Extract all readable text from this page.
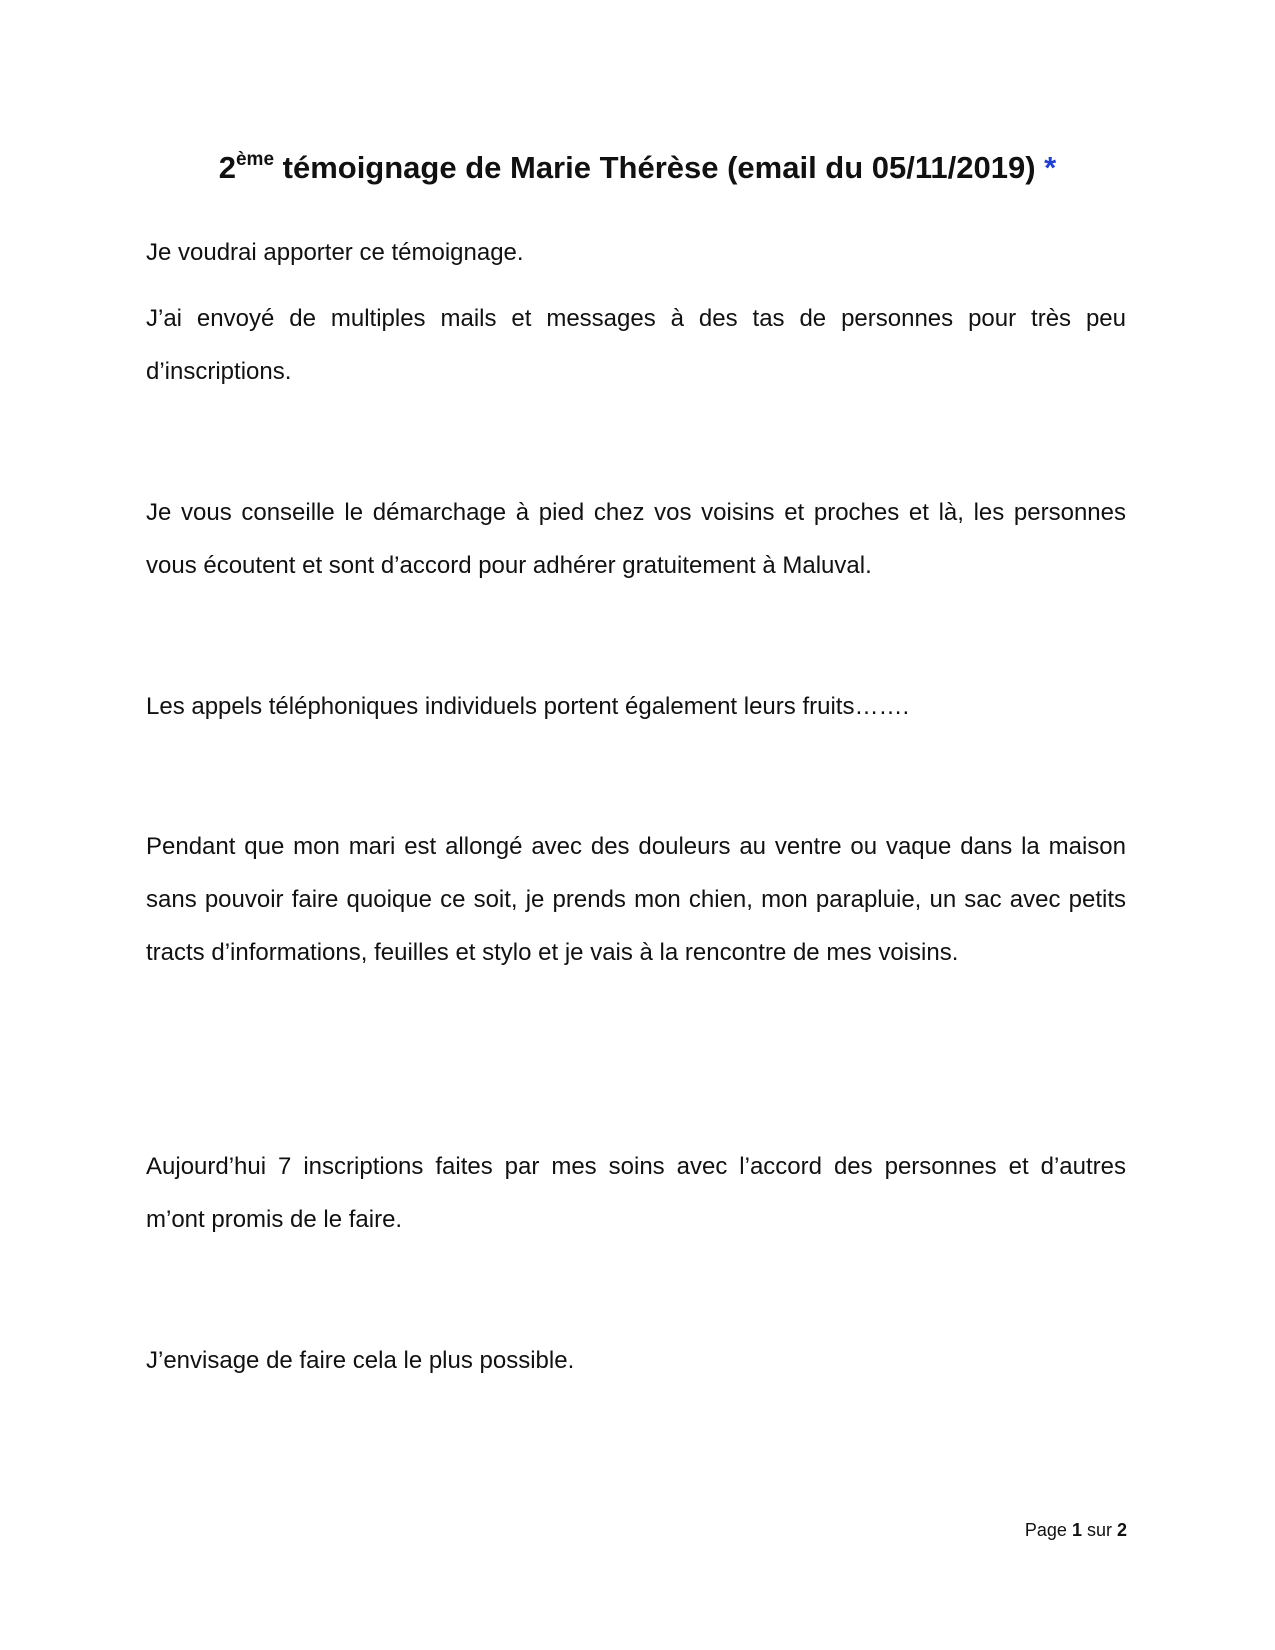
2ème témoignage de Marie Thérèse (email du 05/11/2019) *

Je voudrai apporter ce témoignage.

J’ai envoyé de multiples mails et messages à des tas de personnes pour très peu d’inscriptions.

Je vous conseille le démarchage à pied chez vos voisins et proches et là, les personnes vous écoutent et sont d’accord pour adhérer gratuitement à Maluval.

Les appels téléphoniques individuels portent également leurs fruits…….

Pendant que mon mari est allongé avec des douleurs au ventre ou vaque dans la maison sans pouvoir faire quoique ce soit, je prends mon chien, mon parapluie, un sac avec petits tracts d’informations, feuilles et stylo et je vais à la rencontre de mes voisins.

Aujourd’hui 7 inscriptions faites par mes soins avec l’accord des personnes et d’autres m’ont promis de le faire.

J’envisage de faire cela le plus possible.

Page 1 sur 2
